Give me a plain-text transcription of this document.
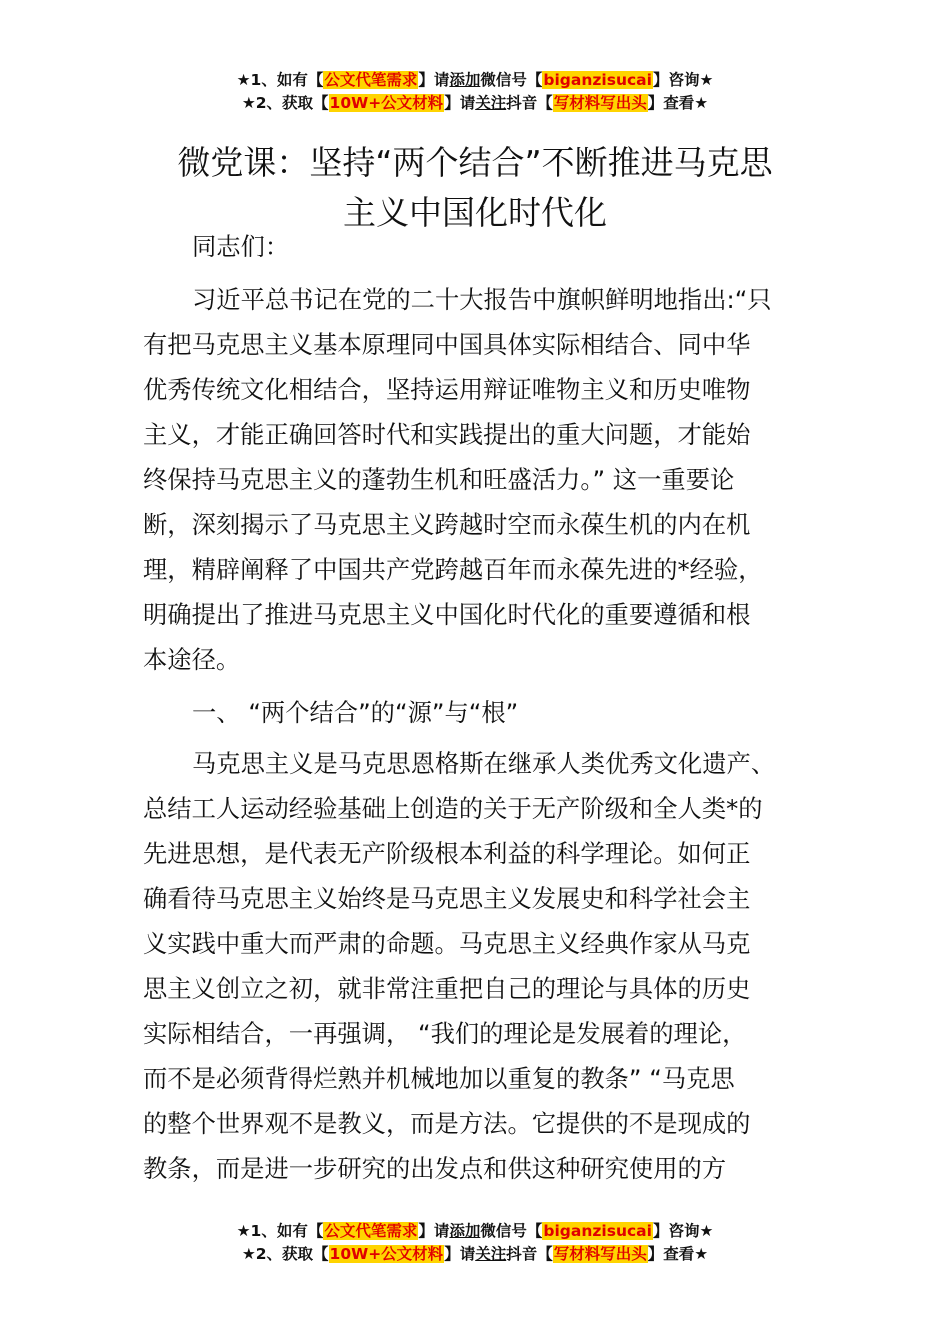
★1、如有【公文代笔需求】请添加微信号【biganzisucai】咨询★
★2、获取【10W+公文材料】请关注抖音【写材料写出头】查看★
微党课：坚持“两个结合”不断推进马克思
主义中国化时代化

同志们：

习近平总书记在党的二十大报告中旗帜鲜明地指出:“只
有把马克思主义基本原理同中国具体实际相结合、同中华
优秀传统文化相结合，坚持运用辩证唯物主义和历史唯物
主义，才能正确回答时代和实践提出的重大问题，才能始
终保持马克思主义的蓬勃生机和旺盛活力。” 这一重要论
断，深刻揭示了马克思主义跨越时空而永葆生机的内在机
理，精辟阐释了中国共产党跨越百年而永葆先进的*经验，
明确提出了推进马克思主义中国化时代化的重要遵循和根
本途径。

一、 “两个结合”的“源”与“根”

马克思主义是马克思恩格斯在继承人类优秀文化遗产、
总结工人运动经验基础上创造的关于无产阶级和全人类*的
先进思想，是代表无产阶级根本利益的科学理论。如何正
确看待马克思主义始终是马克思主义发展史和科学社会主
义实践中重大而严肃的命题。马克思主义经典作家从马克
思主义创立之初，就非常注重把自己的理论与具体的历史
实际相结合，一再强调， “我们的理论是发展着的理论，
而不是必须背得烂熟并机械地加以重复的教条” “马克思
的整个世界观不是教义，而是方法。它提供的不是现成的
教条，而是进一步研究的出发点和供这种研究使用的方

★1、如有【公文代笔需求】请添加微信号【biganzisucai】咨询★
★2、获取【10W+公文材料】请关注抖音【写材料写出头】查看★
